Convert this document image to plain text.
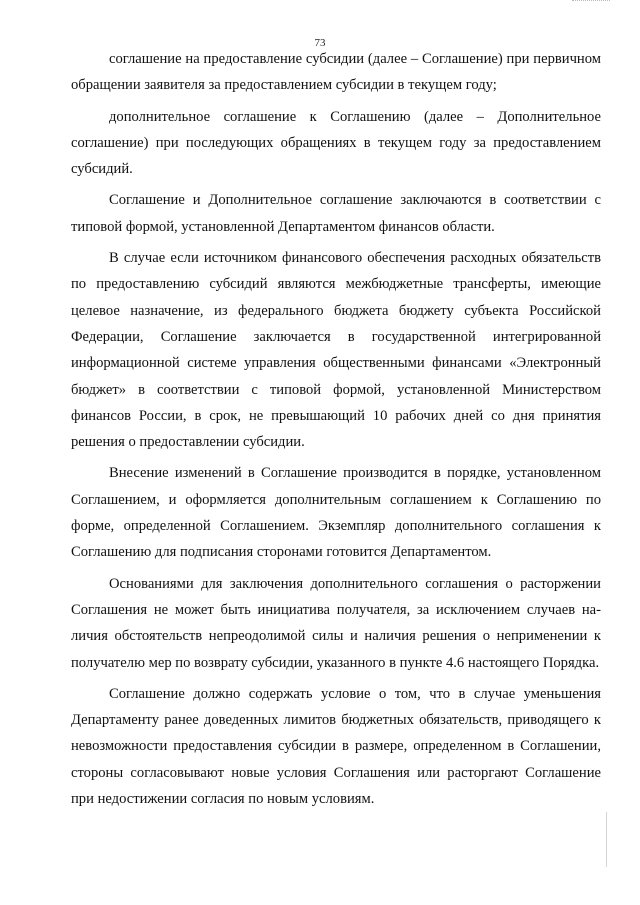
73

соглашение на предоставление субсидии (далее – Соглашение) при первичном обращении заявителя за предоставлением субсидии в текущем году;

дополнительное соглашение к Соглашению (далее – Дополнительное соглашение) при последующих обращениях в текущем году за предоставлением субсидий.

Соглашение и Дополнительное соглашение заключаются в соответствии с типовой формой, установленной Департаментом финансов области.

В случае если источником финансового обеспечения расходных обязательств по предоставлению субсидий являются межбюджетные трансферты, имеющие целевое назначение, из федерального бюджета бюджету субъекта Российской Федерации, Соглашение заключается в государственной интегрированной информационной системе управления общественными финансами «Электронный бюджет» в соответствии с типовой формой, установленной Министерством финансов России, в срок, не превышающий 10 рабочих дней со дня принятия решения о предоставлении субсидии.

Внесение изменений в Соглашение производится в порядке, установленном Соглашением, и оформляется дополнительным соглашением к Соглашению по форме, определенной Соглашением. Экземпляр дополнительного соглашения к Соглашению для подписания сторонами готовится Департаментом.

Основаниями для заключения дополнительного соглашения о расторжении Соглашения не может быть инициатива получателя, за исключением случаев наличия обстоятельств непреодолимой силы и наличия решения о неприменении к получателю мер по возврату субсидии, указанного в пункте 4.6 настоящего Порядка.

Соглашение должно содержать условие о том, что в случае уменьшения Департаменту ранее доведенных лимитов бюджетных обязательств, приводящего к невозможности предоставления субсидии в размере, определенном в Соглашении, стороны согласовывают новые условия Соглашения или расторгают Соглашение при недостижении согласия по новым условиям.
